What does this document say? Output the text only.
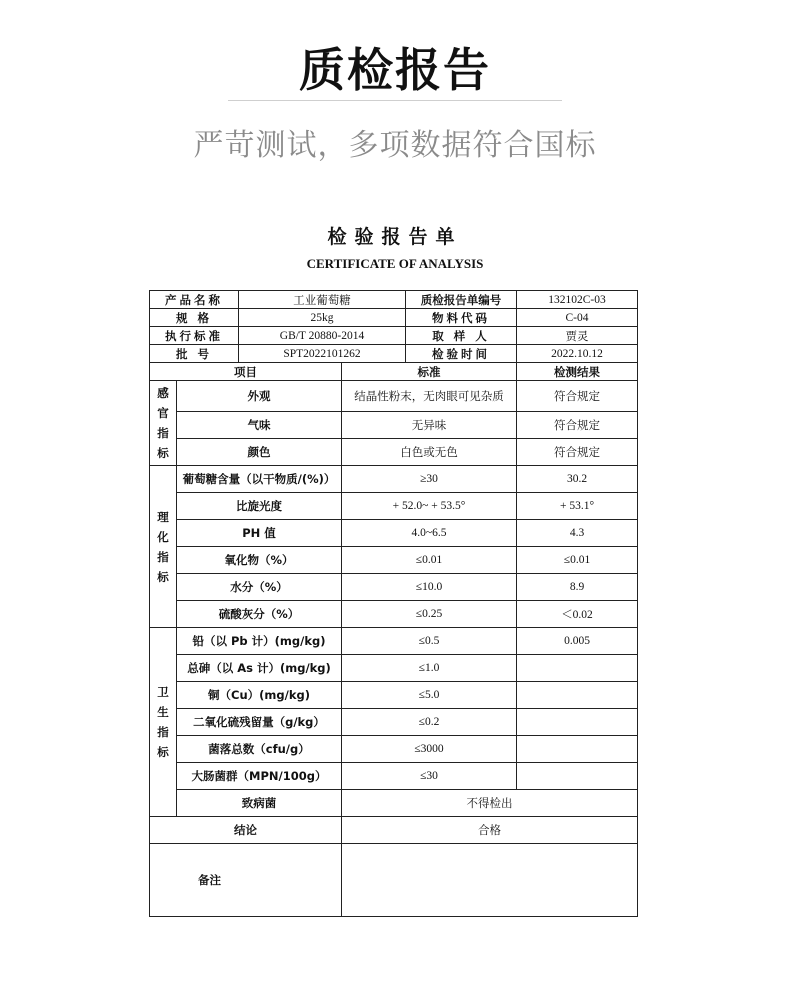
质检报告
严苛测试，多项数据符合国标
检验报告单
CERTIFICATE OF ANALYSIS
产品名称		工业葡萄糖		质检报告单编号	132102C-03
规 格		25kg		物料代码	C-04
执行标准		GB/T 20880-2014		取 样 人	贾灵
批 号		SPT2022101262		检验时间	2022.10.12
项目			标准		检测结果

感
官
指
标	外观		结晶性粉末，无肉眼可见杂质		符合规定
	气味		无异味		符合规定
	颜色		白色或无色		符合规定

理
化
指
标	葡萄糖含量（以干物质/(%)）		≥30		30.2
	比旋光度		+ 52.0~ + 53.5°		+ 53.1°
	PH 值		4.0~6.5		4.3
	氧化物（%）		≤0.01		≤0.01
	水分（%）		≤10.0		8.9
	硫酸灰分（%）		≤0.25		＜0.02

卫
生
指
标	铅（以 Pb 计）(mg/kg)		≤0.5		0.005
	总砷（以 As 计）(mg/kg)		≤1.0		
	铜（Cu）(mg/kg)		≤5.0		
	二氧化硫残留量（g/kg）		≤0.2		
	菌落总数（cfu/g）		≤3000		
	大肠菌群（MPN/100g）		≤30		
	致病菌		不得检出		
结论			合格		
备注					
